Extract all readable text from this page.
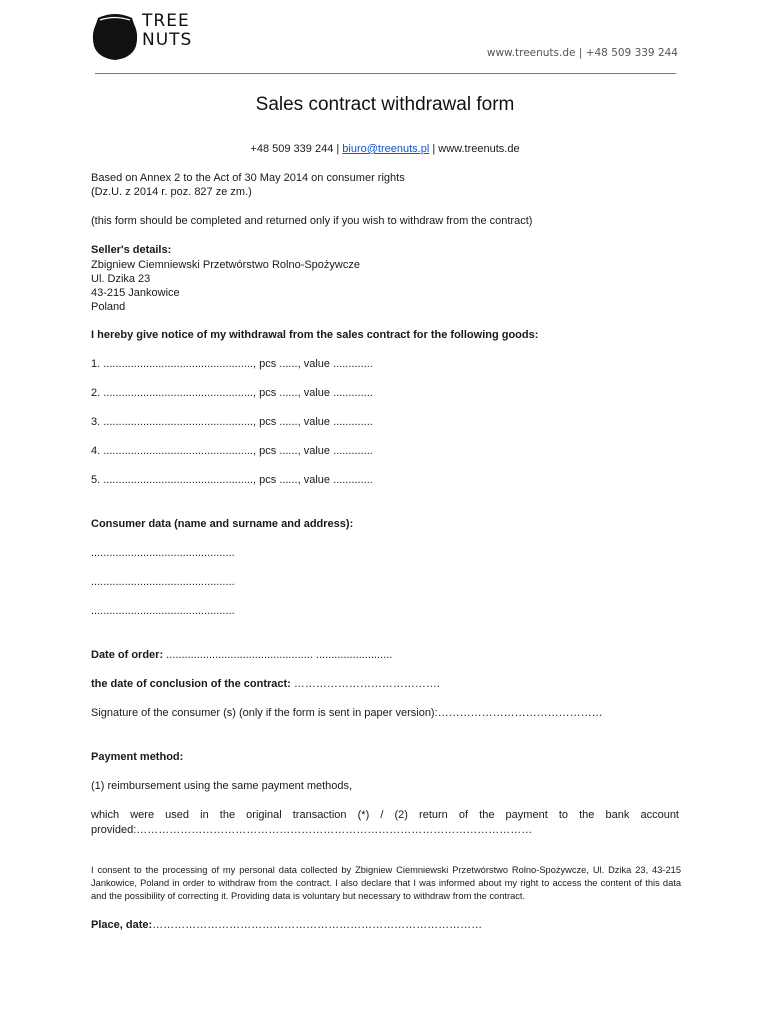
TREE
NUTS
www.treenuts.de | +48 509 339 244
Sales contract withdrawal form
+48 509 339 244 | biuro@treenuts.pl | www.treenuts.de
Based on Annex 2 to the Act of 30 May 2014 on consumer rights
(Dz.U. z 2014 r. poz. 827 ze zm.)
(this form should be completed and returned only if you wish to withdraw from the contract)
Seller's details:
Zbigniew Ciemniewski Przetwórstwo Rolno-Spożywcze
Ul. Dzika 23
43-215 Jankowice
Poland
I hereby give notice of my withdrawal from the sales contract for the following goods:
1. ................................................., pcs ......, value .............
2. ................................................., pcs ......, value .............
3. ................................................., pcs ......, value .............
4. ................................................., pcs ......, value .............
5. ................................................., pcs ......, value .............
Consumer data (name and surname and address):
...............................................
...............................................
...............................................
Date of order: ................................................ .........................
the date of conclusion of the contract: ………………………………….
Signature of the consumer (s) (only if the form is sent in paper version):………………………………………
Payment method:
(1) reimbursement using the same payment methods,
which were used in the original transaction (*) / (2) return of the payment to the bank account provided:………………………………………………………………………………………………
I consent to the processing of my personal data collected by Zbigniew Ciemniewski Przetwórstwo Rolno-Spożywcze, Ul. Dzika 23, 43-215 Jankowice, Poland in order to withdraw from the contract. I also declare that I was informed about my right to access the content of this data and the possibility of correcting it. Providing data is voluntary but necessary to withdraw from the contract.
Place, date:………………………………………………………………………………
